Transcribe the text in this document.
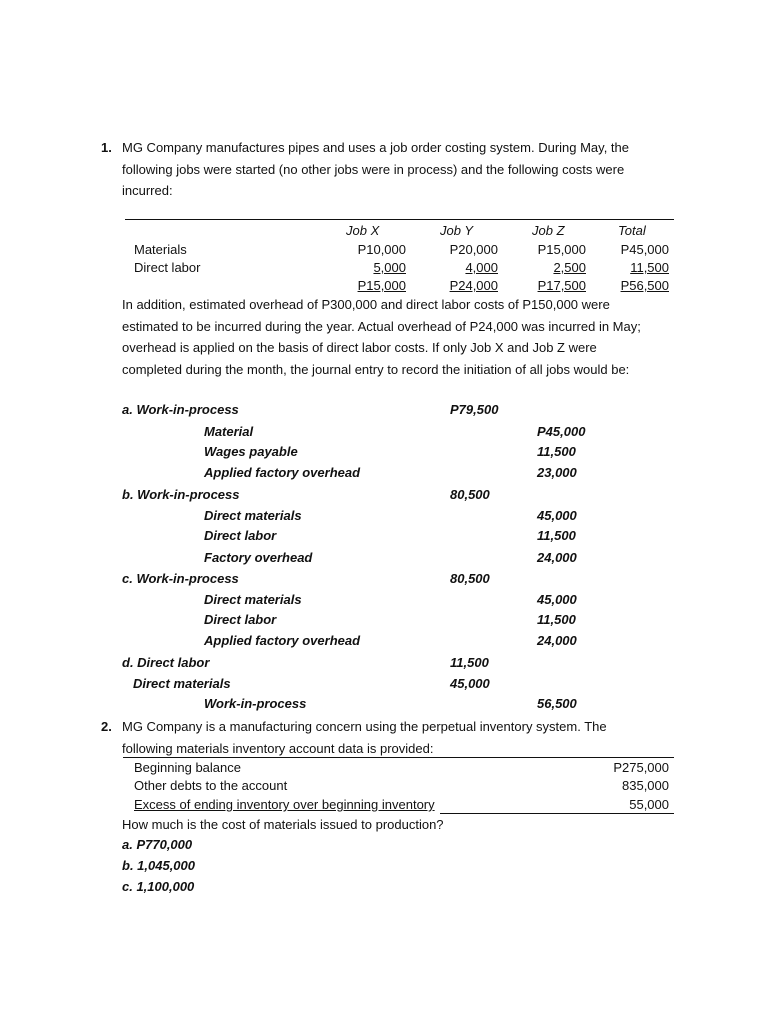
1. MG Company manufactures pipes and uses a job order costing system. During May, the
following jobs were started (no other jobs were in process) and the following costs were
incurred:
Job X	Job Y	Job Z	Total
Materials	P10,000	P20,000	P15,000	P45,000
Direct labor	5,000	4,000	2,500	11,500
P15,000	P24,000	P17,500	P56,500
In addition, estimated overhead of P300,000 and direct labor costs of P150,000 were
estimated to be incurred during the year. Actual overhead of P24,000 was incurred in May;
overhead is applied on the basis of direct labor costs. If only Job X and Job Z were
completed during the month, the journal entry to record the initiation of all jobs would be:
a. Work-in-process	P79,500
Material	P45,000
Wages payable	11,500
Applied factory overhead	23,000
b. Work-in-process	80,500
Direct materials	45,000
Direct labor	11,500
Factory overhead	24,000
c. Work-in-process	80,500
Direct materials	45,000
Direct labor	11,500
Applied factory overhead	24,000
d. Direct labor	11,500
Direct materials	45,000
Work-in-process	56,500
2. MG Company is a manufacturing concern using the perpetual inventory system. The
following materials inventory account data is provided:
Beginning balance	P275,000
Other debts to the account	835,000
Excess of ending inventory over beginning inventory	55,000
How much is the cost of materials issued to production?
a. P770,000
b. 1,045,000
c. 1,100,000
